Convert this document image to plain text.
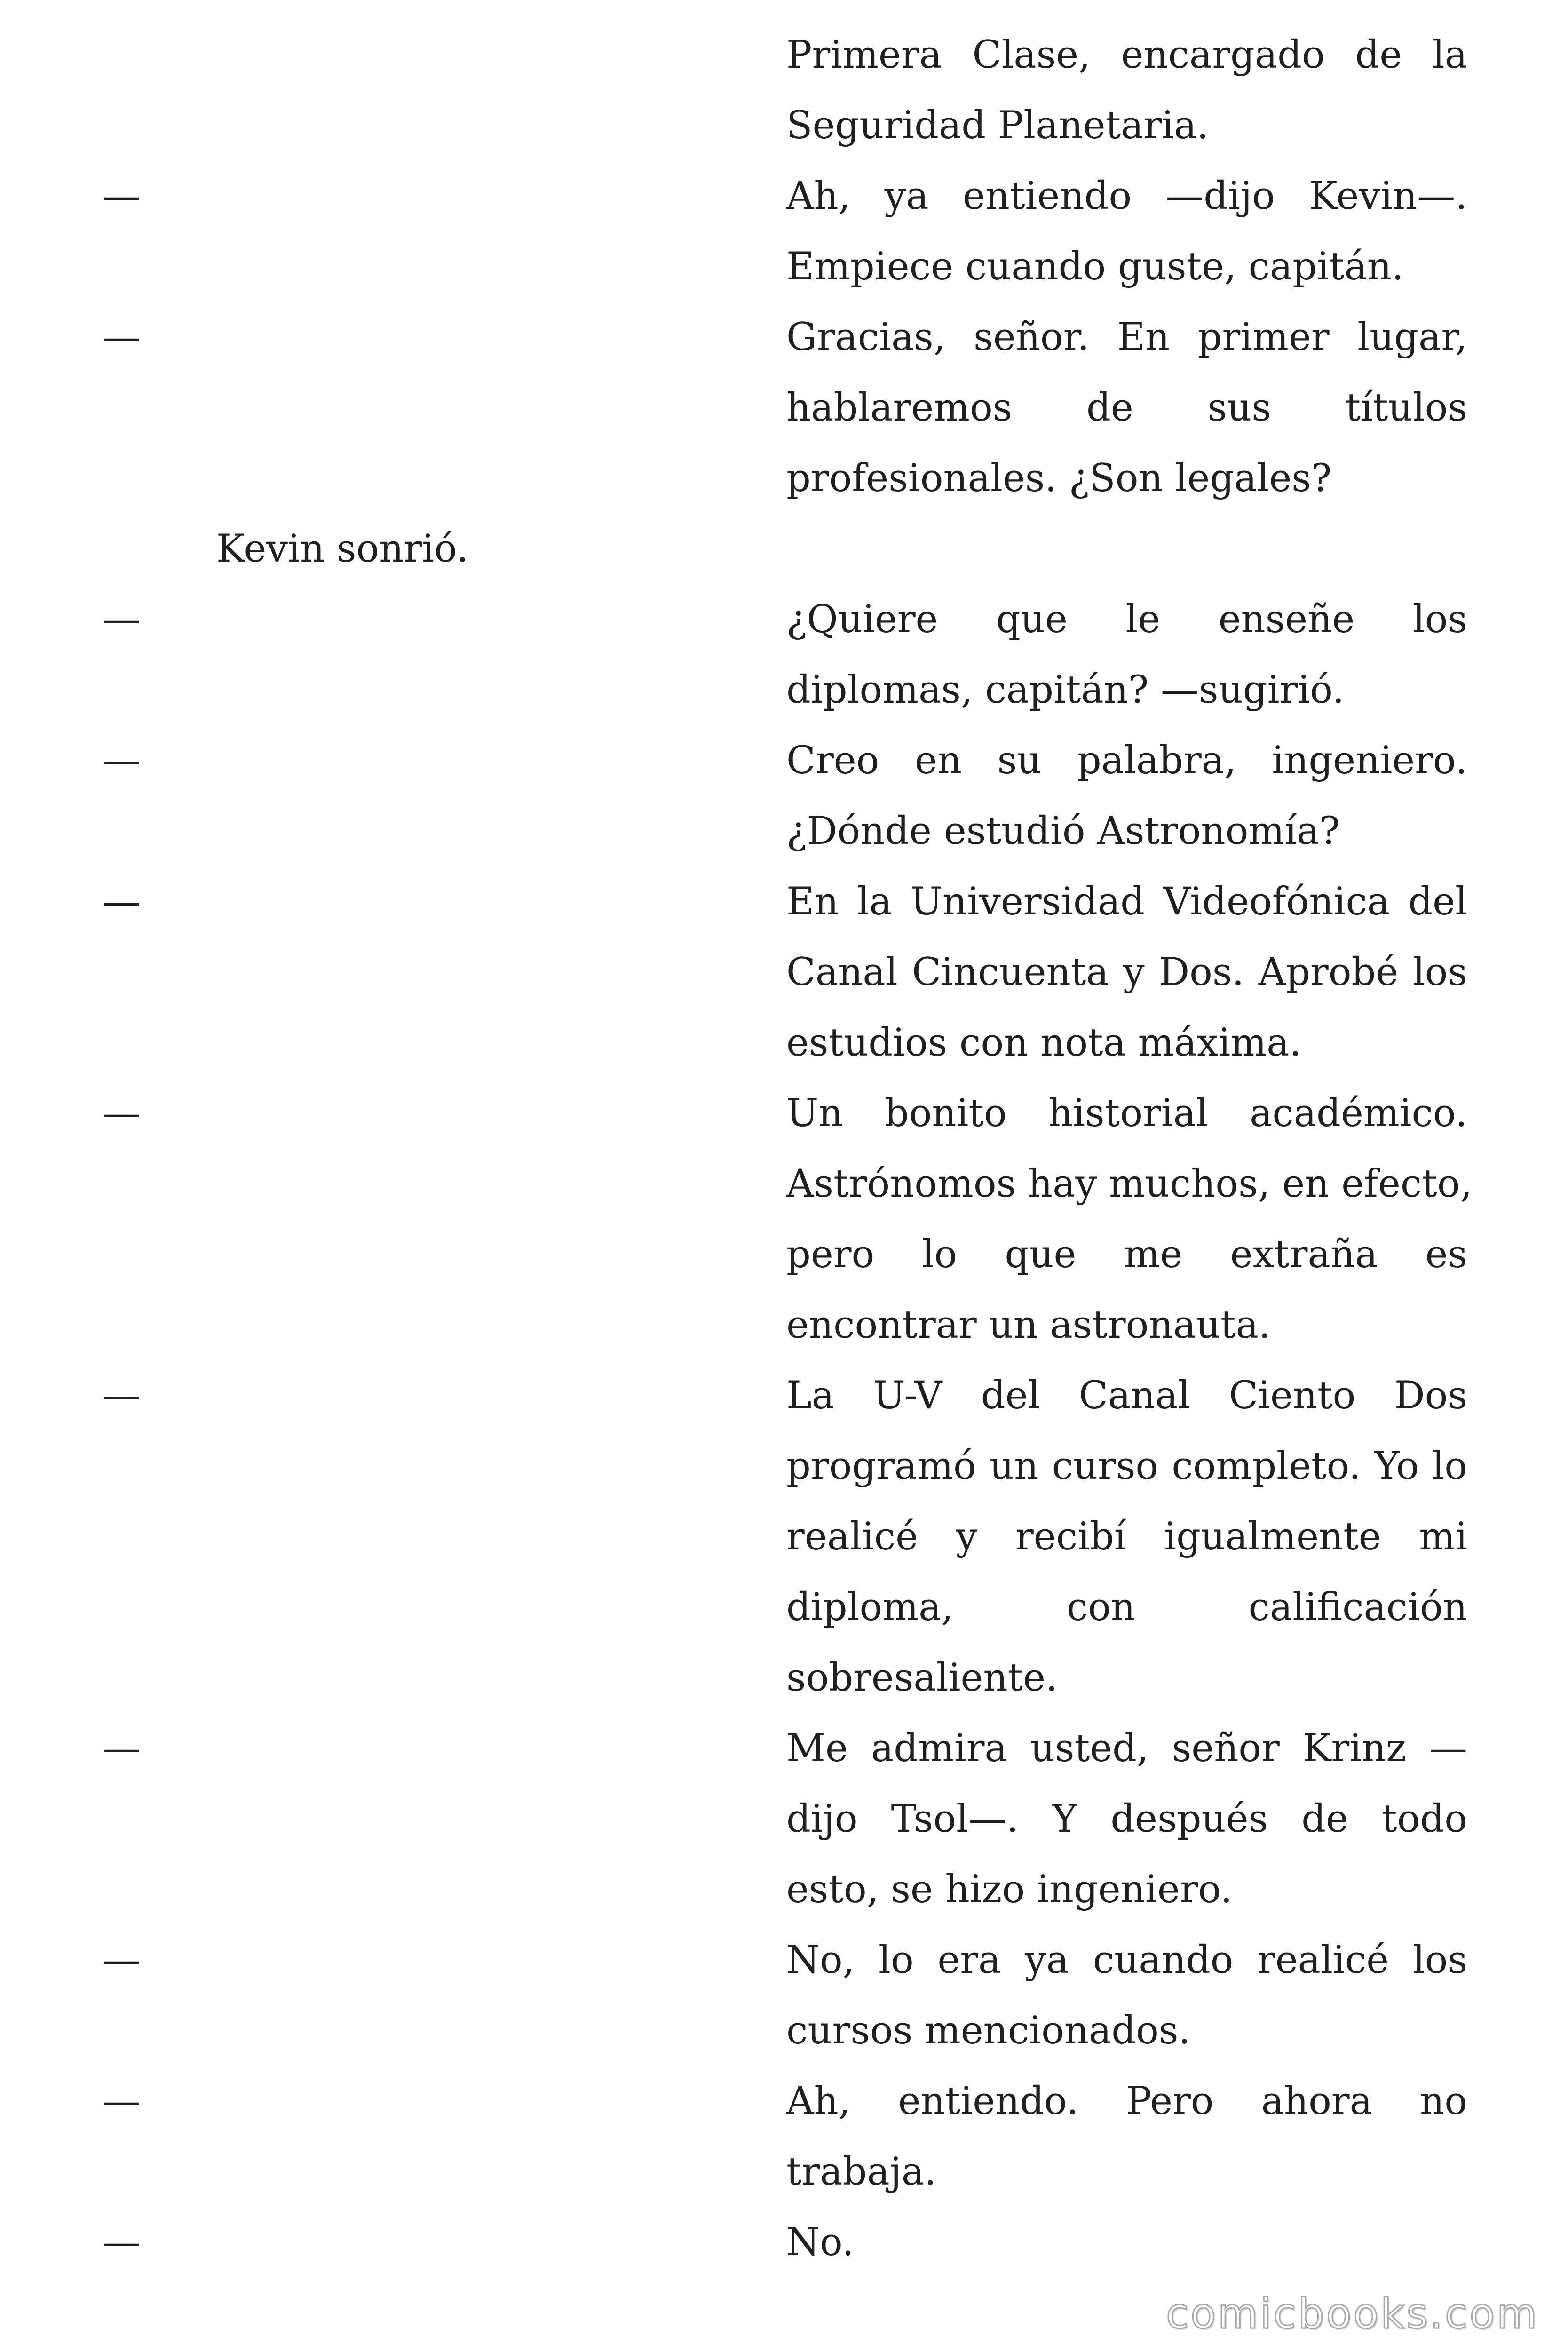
Primera Clase, encargado de la
Seguridad Planetaria.
—	Ah, ya entiendo —dijo Kevin—.
Empiece cuando guste, capitán.
—	Gracias, señor. En primer lugar,
hablaremos de sus títulos
profesionales. ¿Son legales?
Kevin sonrió.
—	¿Quiere que le enseñe los
diplomas, capitán? —sugirió.
—	Creo en su palabra, ingeniero.
¿Dónde estudió Astronomía?
—	En la Universidad Videofónica del
Canal Cincuenta y Dos. Aprobé los
estudios con nota máxima.
—	Un bonito historial académico.
Astrónomos hay muchos, en efecto,
pero lo que me extraña es
encontrar un astronauta.
—	La U-V del Canal Ciento Dos
programó un curso completo. Yo lo
realicé y recibí igualmente mi
diploma, con calificación
sobresaliente.
—	Me admira usted, señor Krinz —
dijo Tsol—. Y después de todo
esto, se hizo ingeniero.
—	No, lo era ya cuando realicé los
cursos mencionados.
—	Ah, entiendo. Pero ahora no
trabaja.
—	No.
comicbooks.com
